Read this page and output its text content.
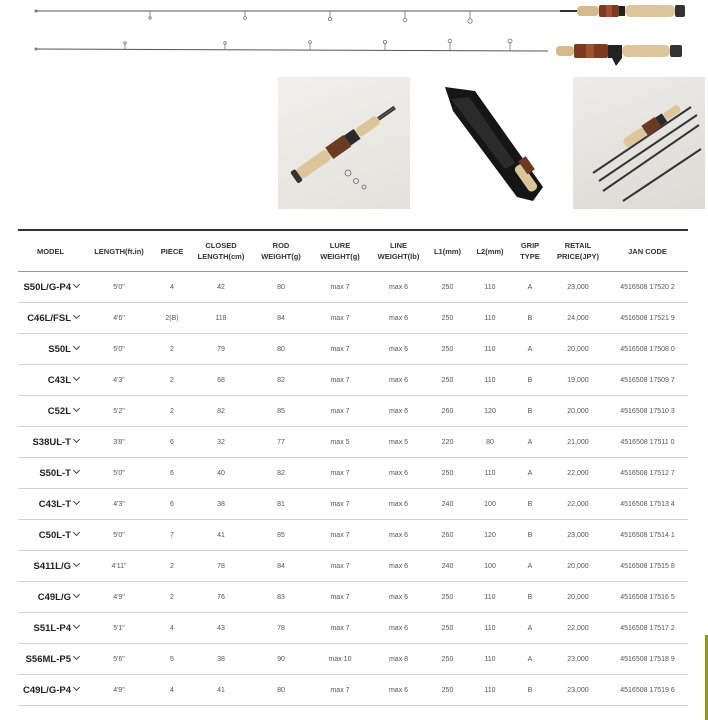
MODEL	LENGTH(ft.in)	PIECE	CLOSED LENGTH(cm)	ROD WEIGHT(g)	LURE WEIGHT(g)	LINE WEIGHT(lb)	L1(mm)	L2(mm)	GRIP TYPE	RETAIL PRICE(JPY)	JAN CODE
S50L/G-P4	5'0"	4	42	80	max 7	max 6	250	110	A	23,000	4516508 17520 2
C46L/FSL	4'6"	2(B)	118	84	max 7	max 6	250	110	B	24,000	4516508 17521 9
S50L	5'0"	2	79	80	max 7	max 6	250	110	A	20,000	4516508 17508 0
C43L	4'3"	2	68	82	max 7	max 6	250	110	B	19,000	4516508 17509 7
C52L	5'2"	2	82	85	max 7	max 6	260	120	B	20,000	4516508 17510 3
S38UL-T	3'8"	6	32	77	max 5	max 5	220	80	A	21,000	4516508 17511 0
S50L-T	5'0"	6	40	82	max 7	max 6	250	110	A	22,000	4516508 17512 7
C43L-T	4'3"	6	38	81	max 7	max 6	240	100	B	22,000	4516508 17513 4
C50L-T	5'0"	7	41	85	max 7	max 6	260	120	B	23,000	4516508 17514 1
S411L/G	4'11"	2	78	84	max 7	max 6	240	100	A	20,000	4516508 17515 8
C49L/G	4'9"	2	76	83	max 7	max 6	250	110	B	20,000	4516508 17516 5
S51L-P4	5'1"	4	43	78	max 7	max 6	250	110	A	22,000	4516508 17517 2
S56ML-P5	5'6"	5	38	90	max 10	max 8	250	110	A	23,000	4516508 17518 9
C49L/G-P4	4'9"	4	41	80	max 7	max 6	250	110	B	23,000	4516508 17519 6
